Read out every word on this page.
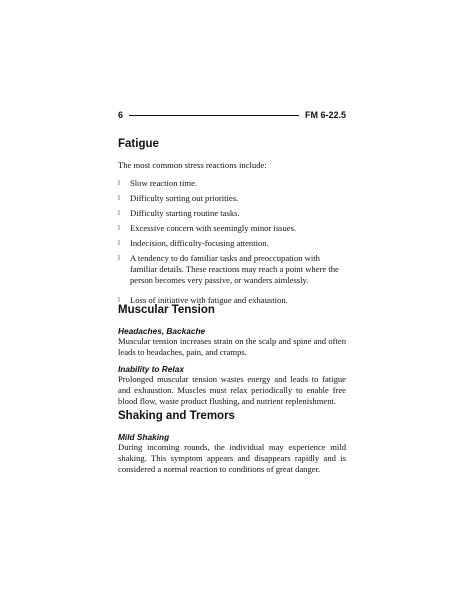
6	FM 6-22.5
Fatigue

The most common stress reactions include:

l Slow reaction time.
l Difficulty sorting out priorities.
l Difficulty starting routine tasks.
l Excessive concern with seemingly minor issues.
l Indecision, difficulty-focusing attention.
l A tendency to do familiar tasks and preoccupation with familiar details. These reactions may reach a point where the person becomes very passive, or wanders aimlessly.
l Loss of initiative with fatigue and exhaustion.
Muscular Tension
Headaches, Backache

Muscular tension increases strain on the scalp and spine and often leads to headaches, pain, and cramps.

Inability to Relax

Prolonged muscular tension wastes energy and leads to fatigue and exhaustion. Muscles must relax periodically to enable free blood flow, waste product flushing, and nutrient replenishment.

Shaking and Tremors
Mild Shaking

During incoming rounds, the individual may experience mild shaking. This symptom appears and disappears rapidly and is considered a normal reaction to conditions of great danger.
